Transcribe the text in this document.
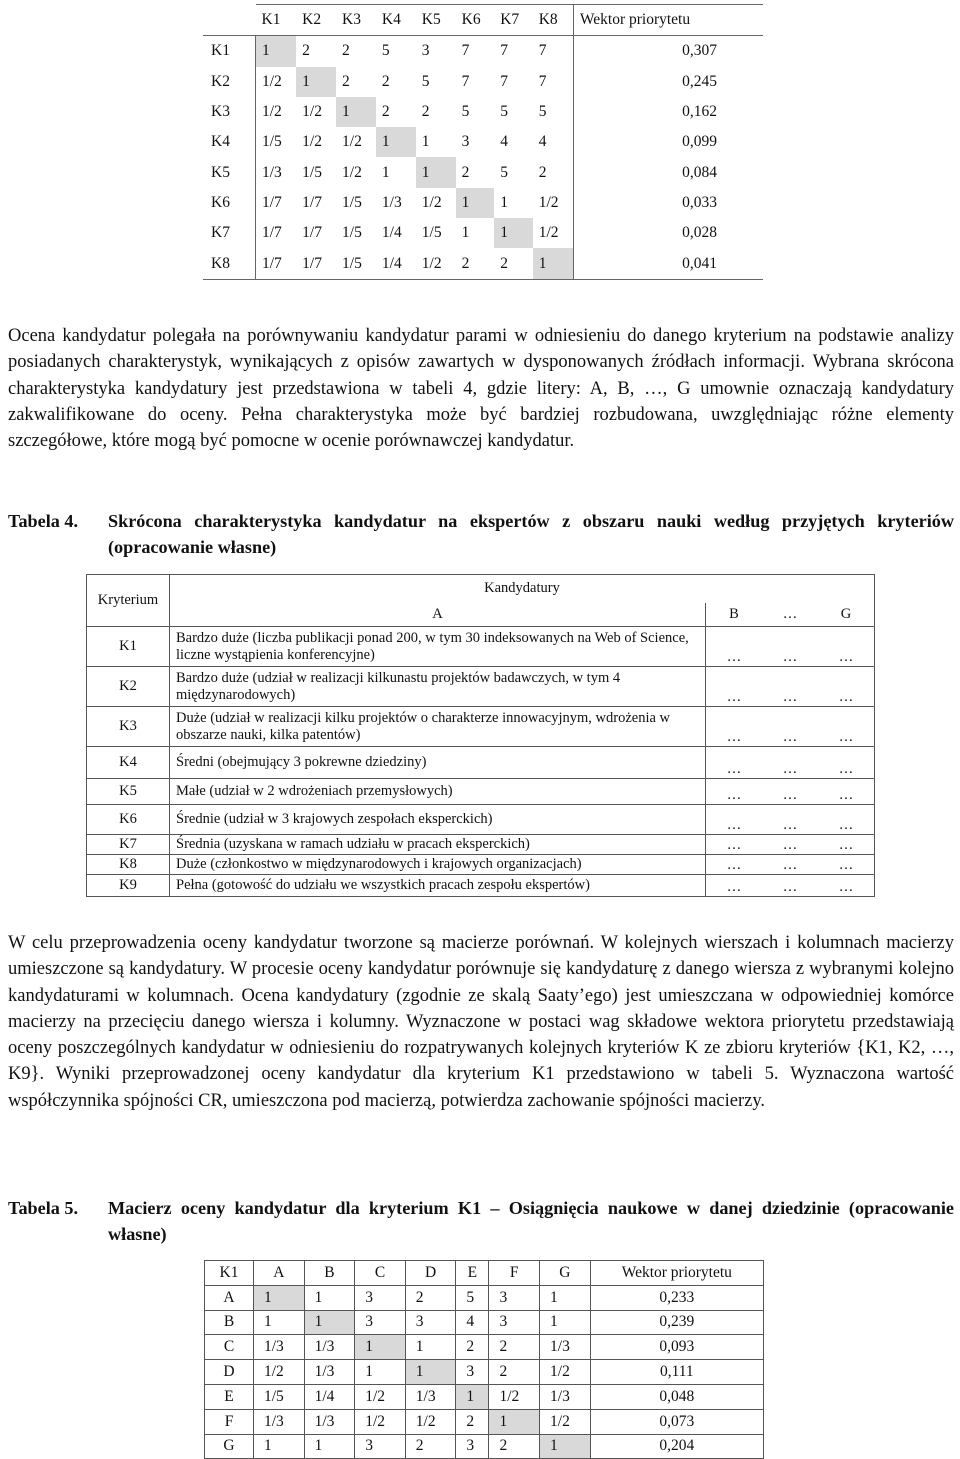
	K1	K2	K3	K4	K5	K6	K7	K8	Wektor priorytetu
K1	1	2	2	5	3	7	7	7	0,307
K2	1/2	1	2	2	5	7	7	7	0,245
K3	1/2	1/2	1	2	2	5	5	5	0,162
K4	1/5	1/2	1/2	1	1	3	4	4	0,099
K5	1/3	1/5	1/2	1	1	2	5	2	0,084
K6	1/7	1/7	1/5	1/3	1/2	1	1	1/2	0,033
K7	1/7	1/7	1/5	1/4	1/5	1	1	1/2	0,028
K8	1/7	1/7	1/5	1/4	1/2	2	2	1	0,041

Ocena kandydatur polegała na porównywaniu kandydatur parami w odniesieniu do danego kryterium na podstawie analizy posiadanych charakterystyk, wynikających z opisów zawartych w dysponowanych źródłach informacji. Wybrana skrócona charakterystyka kandydatury jest przedstawiona w tabeli 4, gdzie litery: A, B, …, G umownie oznaczają kandydatury zakwalifikowane do oceny. Pełna charakterystyka może być bardziej rozbudowana, uwzględniając różne elementy szczegółowe, które mogą być pomocne w ocenie porównawczej kandydatur.

Tabela 4.	Skrócona charakterystyka kandydatur na ekspertów z obszaru nauki według przyjętych kryteriów (opracowanie własne)
Kryterium	Kandydatury			
	A	B	…	G
K1	Bardzo duże (liczba publikacji ponad 200, w tym 30 indeksowanych na Web of Science, liczne wystąpienia konferencyjne)	…	…	…
K2	Bardzo duże (udział w realizacji kilkunastu projektów badawczych, w tym 4 międzynarodowych)	…	…	…
K3	Duże (udział w realizacji kilku projektów o charakterze innowacyjnym, wdrożenia w obszarze nauki, kilka patentów)	…	…	…
K4	Średni (obejmujący 3 pokrewne dziedziny)	…	…	…
K5	Małe (udział w 2 wdrożeniach przemysłowych)	…	…	…
K6	Średnie (udział w 3 krajowych zespołach eksperckich)	…	…	…
K7	Średnia (uzyskana w ramach udziału w pracach eksperckich)	…	…	…
K8	Duże (członkostwo w międzynarodowych i krajowych organizacjach)	…	…	…
K9	Pełna (gotowość do udziału we wszystkich pracach zespołu ekspertów)	…	…	…

W celu przeprowadzenia oceny kandydatur tworzone są macierze porównań. W kolejnych wierszach i kolumnach macierzy umieszczone są kandydatury. W procesie oceny kandydatur porównuje się kandydaturę z danego wiersza z wybranymi kolejno kandydaturami w kolumnach. Ocena kandydatury (zgodnie ze skalą Saaty’ego) jest umieszczana w odpowiedniej komórce macierzy na przecięciu danego wiersza i kolumny. Wyznaczone w postaci wag składowe wektora priorytetu przedstawiają oceny poszczególnych kandydatur w odniesieniu do rozpatrywanych kolejnych kryteriów K ze zbioru kryteriów {K1, K2, …, K9}. Wyniki przeprowadzonej oceny kandydatur dla kryterium K1 przedstawiono w tabeli 5. Wyznaczona wartość współczynnika spójności CR, umieszczona pod macierzą, potwierdza zachowanie spójności macierzy.

Tabela 5.	Macierz oceny kandydatur dla kryterium K1 – Osiągnięcia naukowe w danej dziedzinie (opracowanie własne)
K1	A	B	C	D	E	F	G	Wektor priorytetu
A	1	1	3	2	5	3	1	0,233
B	1	1	3	3	4	3	1	0,239
C	1/3	1/3	1	1	2	2	1/3	0,093
D	1/2	1/3	1	1	3	2	1/2	0,111
E	1/5	1/4	1/2	1/3	1	1/2	1/3	0,048
F	1/3	1/3	1/2	1/2	2	1	1/2	0,073
G	1	1	3	2	3	2	1	0,204
